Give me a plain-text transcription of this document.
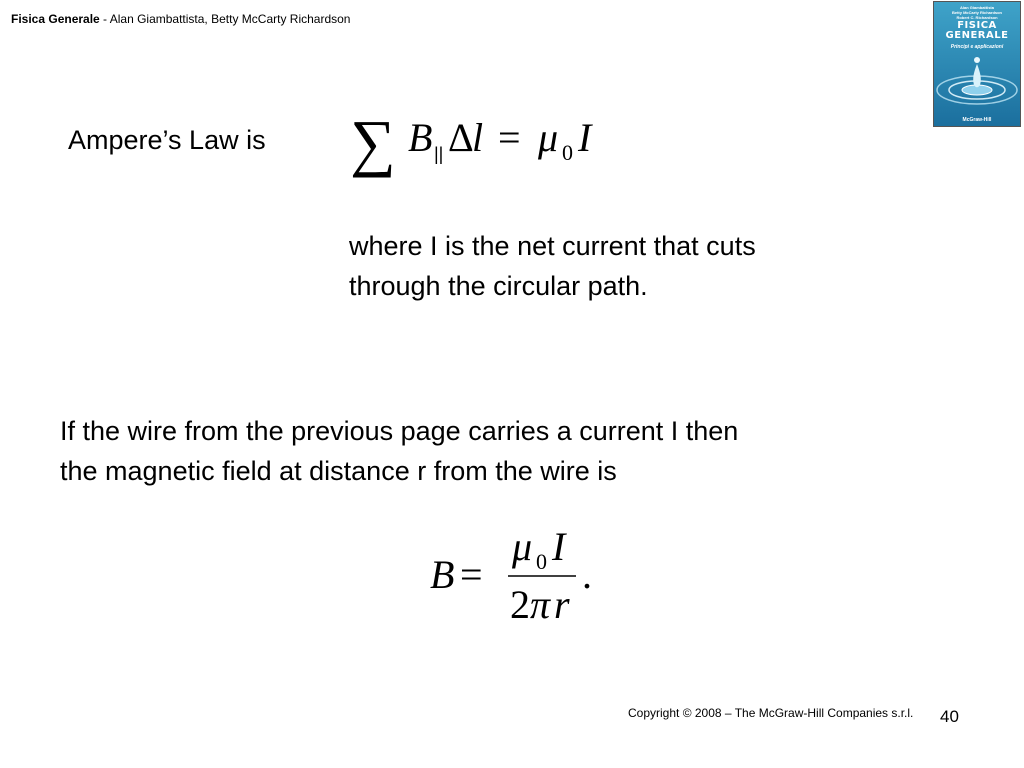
Fisica Generale - Alan Giambattista, Betty McCarty Richardson
Alan Giambattista
Betty McCarty Richardson
Robert C. Richardson
FISICA
GENERALE
Principi e applicazioni
McGraw-Hill
Ampere’s Law is ∑ B || Δ
l = μ 0 I
where I is the net current that cuts
through the circular path.
If the wire from the previous page carries a current I then
the magnetic field at distance r from the wire is
B =
μ 0 I
2 π r
.
Copyright © 2008 – The McGraw-Hill Companies s.r.l. 40
